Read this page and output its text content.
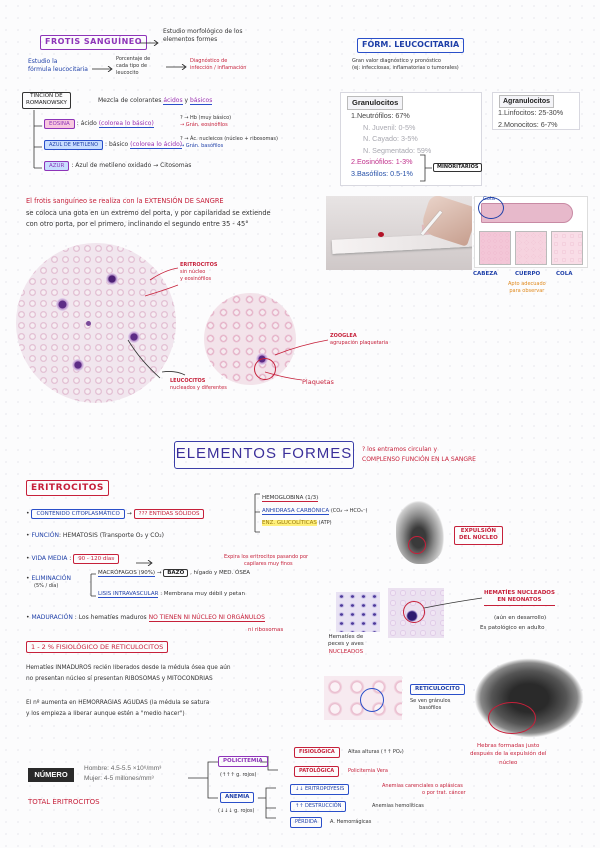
FROTIS SANGUÍNEO
Estudio morfológico de los elementos formes
Estudio la
fórmula leucocitaria
Porcentaje de
cada tipo de
leucocito
Diagnóstico de
infección / inflamación
TINCIÓN DE
ROMANOWSKY	Mezcla de colorantes ácidos y básicos
EOSINA : ácido (colorea lo básico)
? → Hb (muy básico)
→ Grán. eosinófilos
AZUL DE METILENO : básico (colorea lo ácido)
? → Ác. nucleicos (núcleo + ribosomas)
→ Grán. basófilos
AZUR : Azul de metileno oxidado → Citosomas
FÓRM. LEUCOCITARIA
Gran valor diagnóstico y pronóstico
(ej: infecciosas, inflamatorias o tumorales)
Granulocitos
1.Neutrófilos: 67%
N. Juvenil: 0-5%
N. Cayado: 3-5%
N. Segmentado: 59%
2.Eosinófilos: 1-3%
3.Basófilos: 0.5-1%
MINORITARIOS
Agranulocitos
1.Linfocitos: 25-30%
2.Monocitos: 6-7%
El frotis sanguíneo se realiza con la EXTENSIÓN DE SANGRE
se coloca una gota en un extremo del porta, y por capilaridad se extiende
con otro porta, por el primero, inclinando el segundo entre 35 - 45°
Gota
CABEZA	CUERPO	COLA
Apto adecuado
para observar
ERITROCITOS
sin núcleo
y eosinófilos
LEUCOCITOS
nucleados y diferentes
Plaquetas
ZOOGLEA
agrupación plaquetaria
ELEMENTOS FORMES ? los entramos circulan y
COMPLENSO FUNCIÓN EN LA SANGRE
ERITROCITOS
• CONTENIDO CITOPLASMÁTICO → ??? ENTIDAS SÓLIDOS
HEMOGLOBINA (1/3)
ANHIDRASA CARBÓNICA (CO₂ → HCO₃⁻)
ENZ. GLUCOLÍTICAS (ATP)
EXPULSIÓN
DEL NÚCLEO
• FUNCIÓN: HEMATOSIS (Transporte O₂ y CO₂)
• VIDA MEDIA : 90 - 120 días	Expira los eritrocitos pasando por
capilares muy finos
• ELIMINACIÓN
(5% / día)
MACRÓFAGOS (90%) → BAZO , hígado y MED. ÓSEA
LISIS INTRAVASCULAR : Membrana muy débil y petan
• MADURACIÓN : Los hematíes maduros NO TIENEN NI NÚCLEO NI ORGÁNULOS
ni ribosomas
Hematíes de
peces y aves
NUCLEADOS
HEMATÍES NUCLEADOS
EN NEONATOS
(aún en desarrollo)
Es patológico en adulto
1 - 2 % FISIOLÓGICO DE RETICULOCITOS
Hematíes INMADUROS recién liberados desde la médula ósea que aún
no presentan núcleo sí presentan RIBOSOMAS y MITOCONDRIAS
El nº aumenta en HEMORRAGIAS AGUDAS (la médula se satura
y los empieza a liberar aunque estén a "medio hacer")
RETICULOCITO
Se ven gránulos
basófilos
Hebras formadas justo
después de la expulsión del
núcleo
NÚMERO
Hombre: 4.5-5.5 ×10⁶/mm³
Mujer: 4-5 millones/mm³
TOTAL ERITROCITOS
POLICITEMIA
(↑↑↑ g. rojos)
FISIOLÓGICA	Altas alturas (↑↑ PO₂)
PATOLÓGICA	Policitemia Vera
ANEMIA
(↓↓↓ g. rojos)
↓↓ ERITROPOYESIS	Anemias carenciales o aplásicas
o por trat. cáncer
↑↑ DESTRUCCIÓN	Anemias hemolíticas
PÉRDIDA	A. Hemorrágicas
